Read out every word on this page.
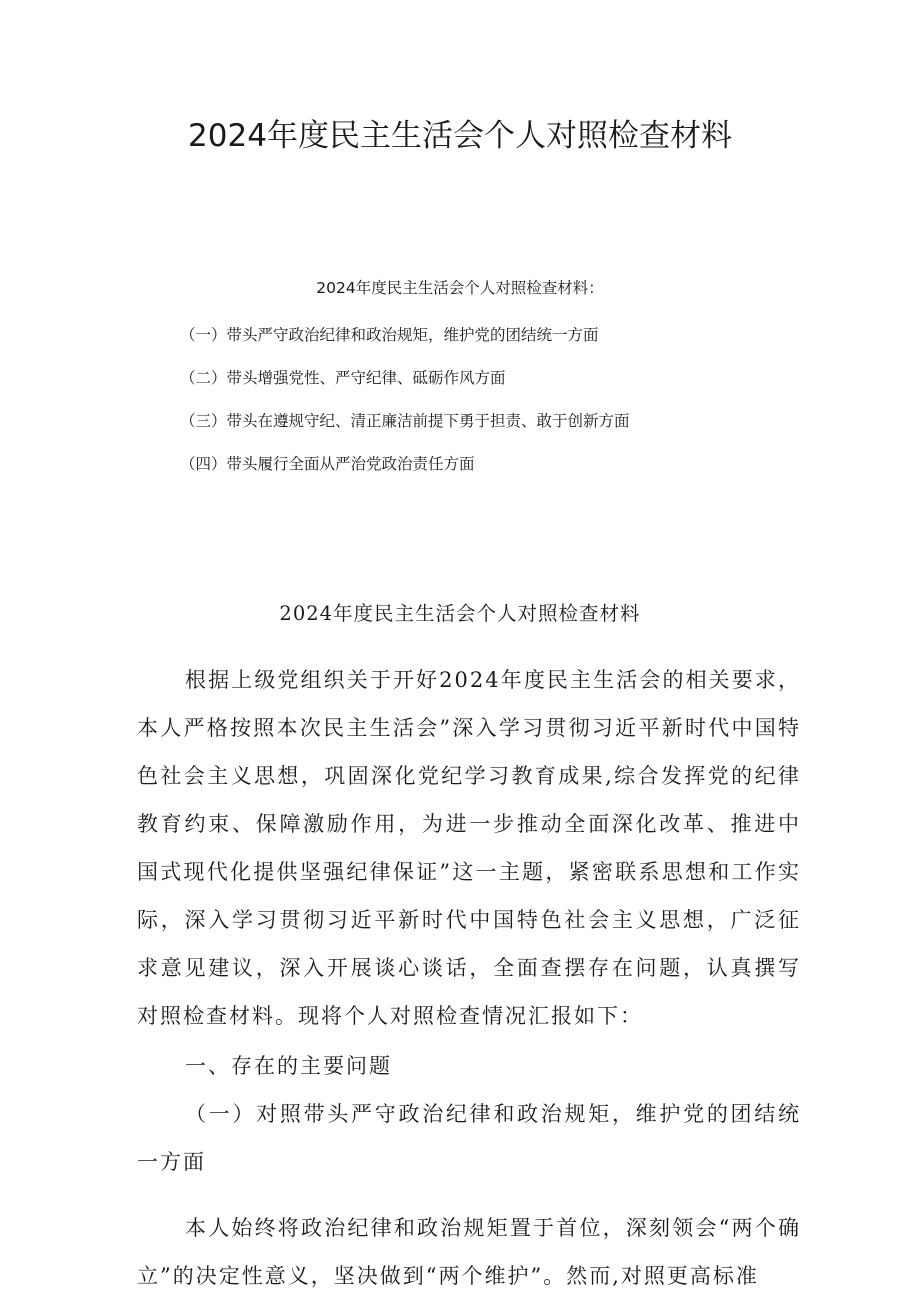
2024年度民主生活会个人对照检查材料
2024年度民主生活会个人对照检查材料：
（一）带头严守政治纪律和政治规矩，维护党的团结统一方面
（二）带头增强党性、严守纪律、砥砺作风方面
（三）带头在遵规守纪、清正廉洁前提下勇于担责、敢于创新方面
（四）带头履行全面从严治党政治责任方面
2024年度民主生活会个人对照检查材料

根据上级党组织关于开好2024年度民主生活会的相关要求，本人严格按照本次民主生活会”深入学习贯彻习近平新时代中国特色社会主义思想，巩固深化党纪学习教育成果,综合发挥党的纪律教育约束、保障激励作用，为进一步推动全面深化改革、推进中国式现代化提供坚强纪律保证”这一主题，紧密联系思想和工作实际，深入学习贯彻习近平新时代中国特色社会主义思想，广泛征求意见建议，深入开展谈心谈话，全面查摆存在问题，认真撰写对照检查材料。现将个人对照检查情况汇报如下：

一、存在的主要问题

（一）对照带头严守政治纪律和政治规矩，维护党的团结统一方面

本人始终将政治纪律和政治规矩置于首位，深刻领会“两个确立”的决定性意义，坚决做到“两个维护”。然而,对照更高标准
